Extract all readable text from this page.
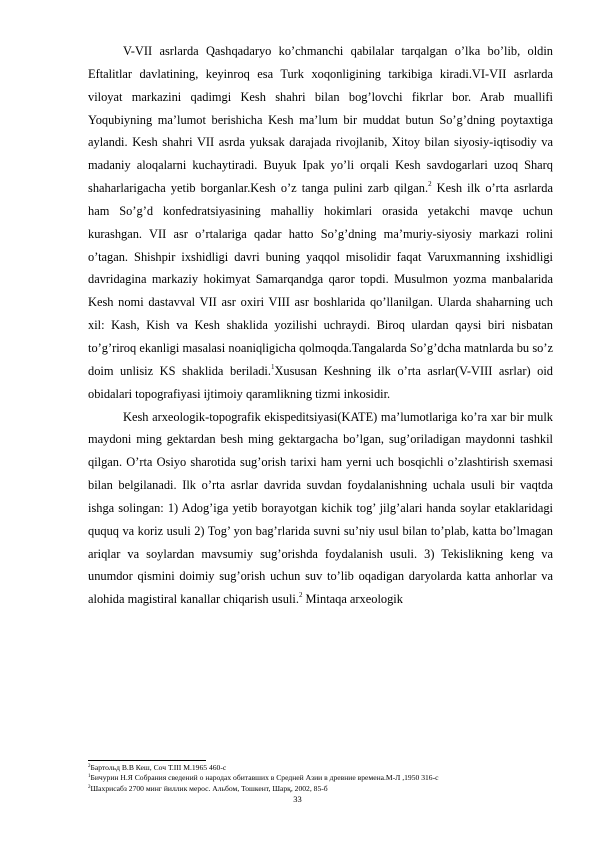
V-VII asrlarda Qashqadaryo ko’chmanchi qabilalar tarqalgan o’lka bo’lib, oldin Eftalitlar davlatining, keyinroq esa Turk xoqonligining tarkibiga kiradi.VI-VII asrlarda viloyat markazini qadimgi Kesh shahri bilan bog’lovchi fikrlar bor. Arab muallifi Yoqubiyning ma’lumot berishicha Kesh ma’lum bir muddat butun So’g’dning poytaxtiga aylandi. Kesh shahri VII asrda yuksak darajada rivojlanib, Xitoy bilan siyosiy-iqtisodiy va madaniy aloqalarni kuchaytiradi. Buyuk Ipak yo’li orqali Kesh savdogarlari uzoq Sharq shaharlarigacha yetib borganlar.Kesh o’z tanga pulini zarb qilgan.$^2$ Kesh ilk o’rta asrlarda ham So’g’d konfedratsiyasining mahalliy hokimlari orasida yetakchi mavqe uchun kurashgan. VII asr o’rtalariga qadar hatto So’g’dning ma’muriy-siyosiy markazi rolini o’tagan. Shishpir ixshidligi davri buning yaqqol misolidir faqat Varuxmanning ixshidligi davridagina markaziy hokimyat Samarqandga qaror topdi. Musulmon yozma manbalarida Kesh nomi dastavval VII asr oxiri VIII asr boshlarida qo’llanilgan. Ularda shaharning uch xil: Kash, Kish va Kesh shaklida yozilishi uchraydi. Biroq ulardan qaysi biri nisbatan to’g’riroq ekanligi masalasi noaniqligicha qolmoqda.Tangalarda So’g’dcha matnlarda bu so’z doim unlisiz KS shaklida beriladi.$^1$Xususan Keshning ilk o’rta asrlar(V-VIII asrlar) oid obidalari topografiyasi ijtimoiy qaramlikning tizmi inkosidir.

Kesh arxeologik-topografik ekispeditsiyasi(KATE) ma’lumotlariga ko’ra xar bir mulk maydoni ming gektardan besh ming gektargacha bo’lgan, sug’oriladigan maydonni tashkil qilgan. O’rta Osiyo sharotida sug’orish tarixi ham yerni uch bosqichli o’zlashtirish sxemasi bilan belgilanadi. Ilk o’rta asrlar davrida suvdan foydalanishning uchala usuli bir vaqtda ishga solingan: 1) Adog’iga yetib borayotgan kichik tog’ jilg’alari handa soylar etaklaridagi ququq va koriz usuli 2) Tog’ yon bag’rlarida suvni su’niy usul bilan to’plab, katta bo’lmagan ariqlar va soylardan mavsumiy sug’orishda foydalanish usuli. 3) Tekislikning keng va unumdor qismini doimiy sug’orish uchun suv to’lib oqadigan daryolarda katta anhorlar va alohida magistiral kanallar chiqarish usuli.$^2$ Mintaqa arxeologik

$^2$Бартольд В.В Кеш, Соч Т.III М.1965 460-с

$^1$Бичурин Н.Я Собрания сведений о народах обитавших в Средней Азии в древние времена.М-Л ,1950 316-с

$^2$Шахрисабз 2700 минг йиллик мерос. Альбом, Тошкент, Шарқ, 2002, 85-б

33
